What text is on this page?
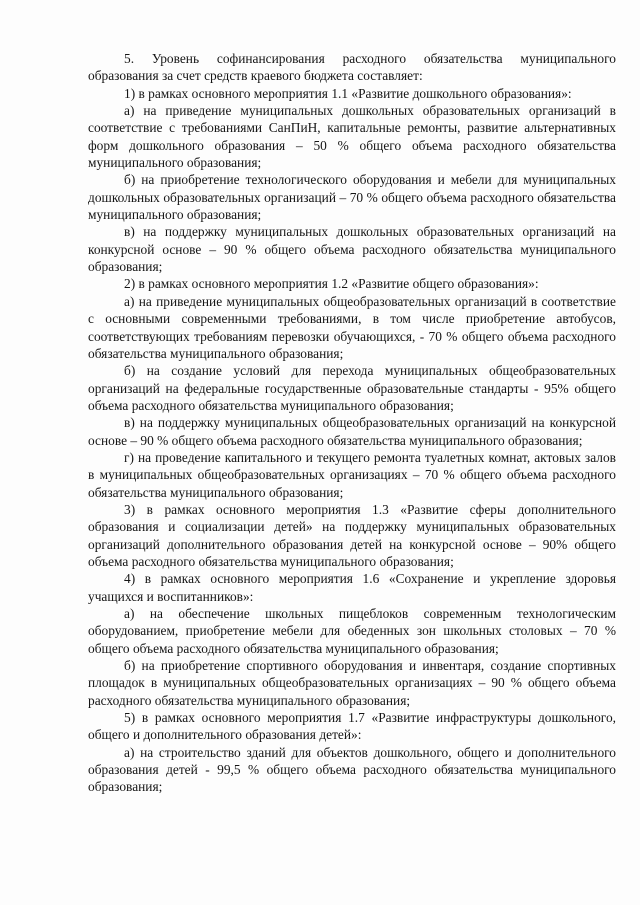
5. Уровень софинансирования расходного обязательства муниципального образования за счет средств краевого бюджета составляет:

1) в рамках основного мероприятия 1.1 «Развитие дошкольного образования»:

а) на приведение муниципальных дошкольных образовательных организаций в соответствие с требованиями СанПиН, капитальные ремонты, развитие альтернативных форм дошкольного образования – 50 % общего объема расходного обязательства муниципального образования;

б) на приобретение технологического оборудования и мебели для муниципальных дошкольных образовательных организаций – 70 % общего объема расходного обязательства муниципального образования;

в) на поддержку муниципальных дошкольных образовательных организаций на конкурсной основе – 90 % общего объема расходного обязательства муниципального образования;

2) в рамках основного мероприятия 1.2 «Развитие общего образования»:

а) на приведение муниципальных общеобразовательных организаций в соответствие с основными современными требованиями, в том числе приобретение автобусов, соответствующих требованиям перевозки обучающихся, - 70 % общего объема расходного обязательства муниципального образования;

б) на создание условий для перехода муниципальных общеобразовательных организаций на федеральные государственные образовательные стандарты - 95% общего объема расходного обязательства муниципального образования;

в) на поддержку муниципальных общеобразовательных организаций на конкурсной основе – 90 % общего объема расходного обязательства муниципального образования;

г) на проведение капитального и текущего ремонта туалетных комнат, актовых залов в муниципальных общеобразовательных организациях – 70 % общего объема расходного обязательства муниципального образования;

3) в рамках основного мероприятия 1.3 «Развитие сферы дополнительного образования и социализации детей» на поддержку муниципальных образовательных организаций дополнительного образования детей на конкурсной основе – 90% общего объема расходного обязательства муниципального образования;

4) в рамках основного мероприятия 1.6 «Сохранение и укрепление здоровья учащихся и воспитанников»:

а) на обеспечение школьных пищеблоков современным технологическим оборудованием, приобретение мебели для обеденных зон школьных столовых – 70 % общего объема расходного обязательства муниципального образования;

б) на приобретение спортивного оборудования и инвентаря, создание спортивных площадок в муниципальных общеобразовательных организациях – 90 % общего объема расходного обязательства муниципального образования;

5) в рамках основного мероприятия 1.7 «Развитие инфраструктуры дошкольного, общего и дополнительного образования детей»:

а) на строительство зданий для объектов дошкольного, общего и дополнительного образования детей - 99,5 % общего объема расходного обязательства муниципального образования;
